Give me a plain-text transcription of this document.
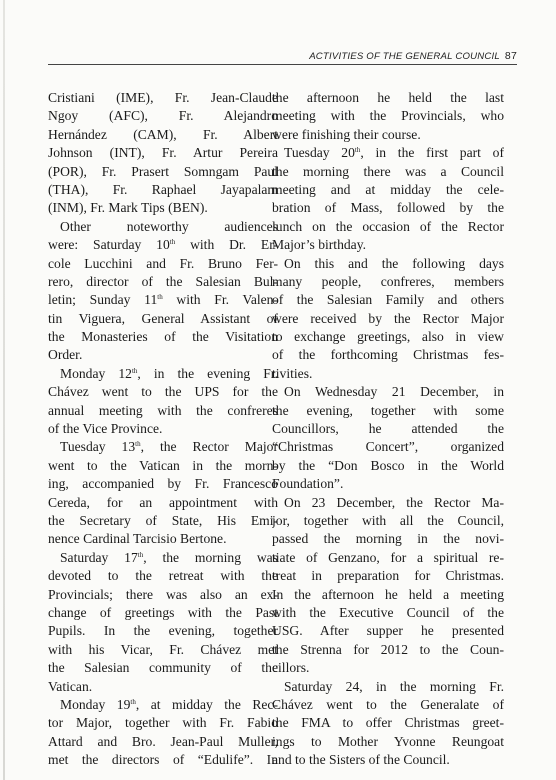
ACTIVITIES OF THE GENERAL COUNCIL 87
Cristiani (IME), Fr. Jean-Claude
Ngoy (AFC), Fr. Alejandro
Hernández (CAM), Fr. Albert
Johnson (INT), Fr. Artur Pereira
(POR), Fr. Prasert Somngam Paul
(THA), Fr. Raphael Jayapalam
(INM), Fr. Mark Tips (BEN).
Other noteworthy audiences
were: Saturday 10th with Dr. Er-
cole Lucchini and Fr. Bruno Fer-
rero, director of the Salesian Bul-
letin; Sunday 11th with Fr. Valen-
tin Viguera, General Assistant of
the Monasteries of the Visitation
Order.
Monday 12th, in the evening Fr.
Chávez went to the UPS for the
annual meeting with the confreres
of the Vice Province.
Tuesday 13th, the Rector Major
went to the Vatican in the morn-
ing, accompanied by Fr. Francesco
Cereda, for an appointment with
the Secretary of State, His Emi-
nence Cardinal Tarcisio Bertone.
Saturday 17th, the morning was
devoted to the retreat with the
Provincials; there was also an ex-
change of greetings with the Past
Pupils. In the evening, together
with his Vicar, Fr. Chávez met
the Salesian community of the
Vatican.
Monday 19th, at midday the Rec-
tor Major, together with Fr. Fabio
Attard and Bro. Jean-Paul Muller,
met the directors of “Edulife”. In
the afternoon he held the last
meeting with the Provincials, who
were finishing their course.
Tuesday 20th, in the first part of
the morning there was a Council
meeting and at midday the cele-
bration of Mass, followed by the
lunch on the occasion of the Rector
Major’s birthday.
On this and the following days
many people, confreres, members
of the Salesian Family and others
were received by the Rector Major
to exchange greetings, also in view
of the forthcoming Christmas fes-
tivities.
On Wednesday 21 December, in
the evening, together with some
Councillors, he attended the
“Christmas Concert”, organized
by the “Don Bosco in the World
Foundation”.
On 23 December, the Rector Ma-
jor, together with all the Council,
passed the morning in the novi-
tiate of Genzano, for a spiritual re-
treat in preparation for Christmas.
In the afternoon he held a meeting
with the Executive Council of the
USG. After supper he presented
the Strenna for 2012 to the Coun-
cillors.
Saturday 24, in the morning Fr.
Chávez went to the Generalate of
the FMA to offer Christmas greet-
ings to Mother Yvonne Reungoat
and to the Sisters of the Council.
